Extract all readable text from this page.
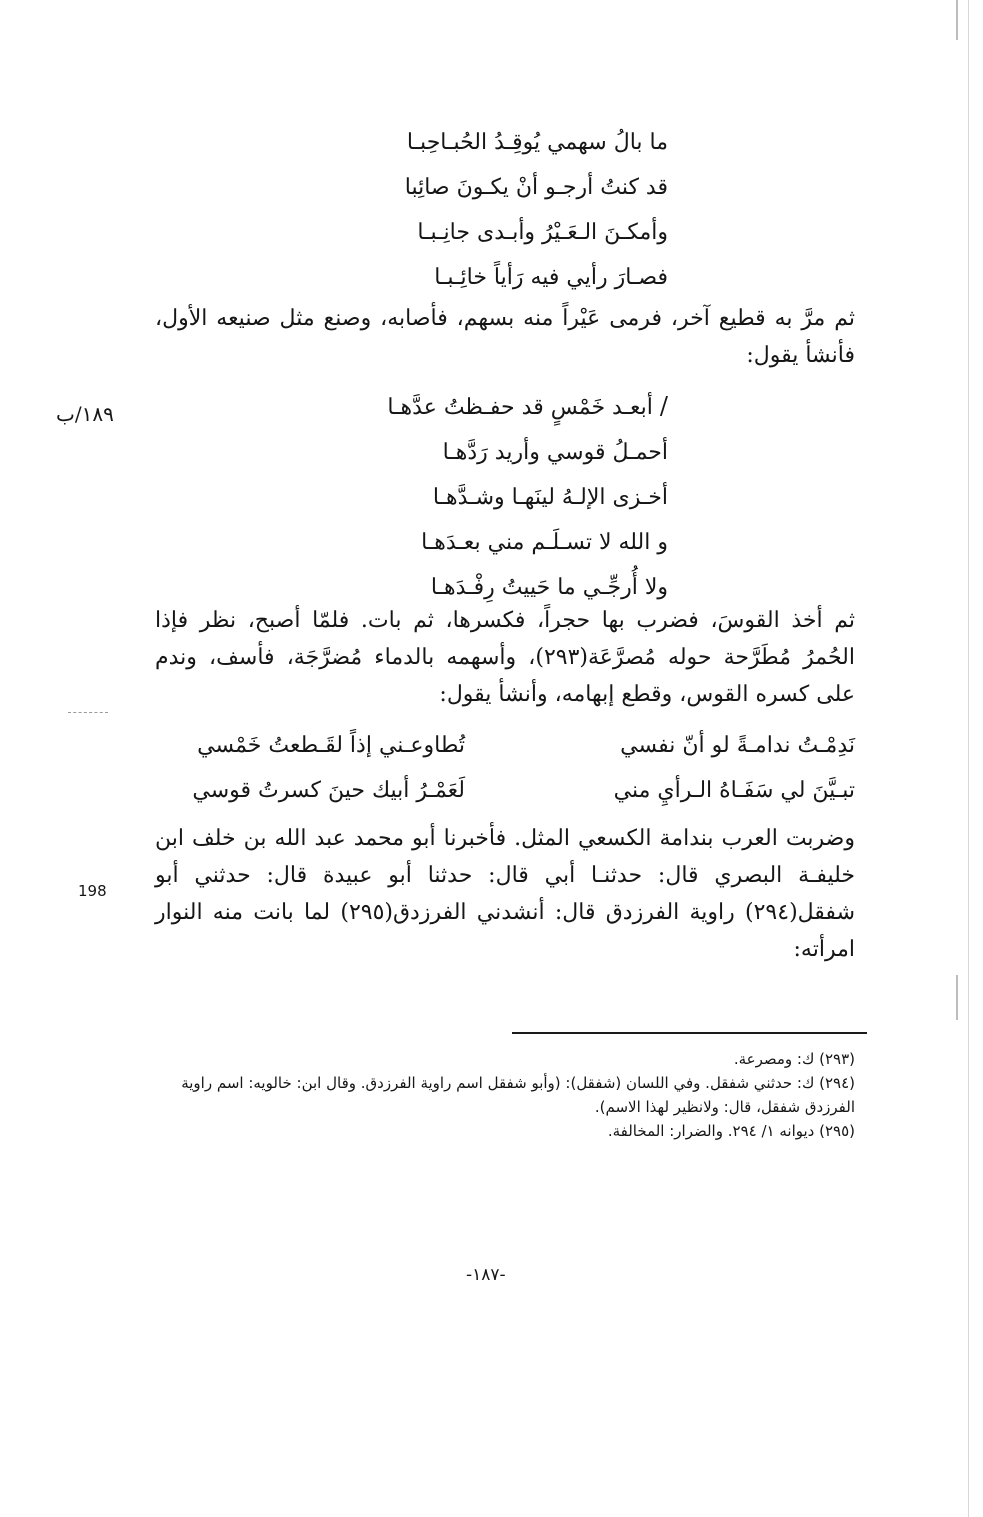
ما بالُ سهمي يُوقِـدُ الحُبـاحِبـا
قد كنتُ أرجـو أنْ يكـونَ صائِبا
وأمكـنَ الـعَـيْرُ وأبـدى جانِـبـا
فصـارَ رأيي فيه رَأياً خائِـبـا
ثم مرَّ به قطيع آخر، فرمى عَيْراً منه بسهم، فأصابه، وصنع مثل صنيعه الأول، فأنشأ يقول:
١٨٩/ب	/ أبعـد خَمْسٍ قد حفـظتُ عدَّهـا
أحمـلُ قوسي وأريد رَدَّهـا
أخـزى الإلـهُ لينَهـا وشـدَّهـا
و الله لا تسـلَـم مني بعـدَهـا
ولا أُرجِّـي ما حَييتُ رِفْـدَهـا
ثم أخذ القوسَ، فضرب بها حجراً، فكسرها، ثم بات. فلمّا أصبح، نظر فإذا الحُمرُ مُطَرَّحة حوله مُصرَّعَة(٢٩٣)، وأسهمه بالدماء مُضرَّجَة، فأسف، وندم على كسره القوس، وقطع إبهامه، وأنشأ يقول:
نَدِمْـتُ ندامـةً لو أنّ نفسي
تُطاوعـني إذاً لقَـطعتُ خَمْسي
تبـيَّنَ لي سَفَـاهُ الـرأيِ مني
لَعَمْـرُ أبيك حينَ كسرتُ قوسي
وضربت العرب بندامة الكسعي المثل. فأخبرنا أبو محمد عبد الله بن خلف ابن خليفـة البصري قال: حدثنـا أبي قال: حدثنا أبو عبيدة قال: حدثني أبو شفقل(٢٩٤) راوية الفرزدق قال: أنشدني الفرزدق(٢٩٥) لما بانت منه النوار امرأته:
198
(٢٩٣) ك: ومصرعة.
(٢٩٤) ك: حدثني شفقل. وفي اللسان (شفقل): (وأبو شفقل اسم راوية الفرزدق. وقال ابن: خالويه: اسم راوية الفرزدق شفقل، قال: ولانظير لهذا الاسم).
(٢٩٥) ديوانه ١/ ٢٩٤. والضرار: المخالفة.
-١٨٧-
